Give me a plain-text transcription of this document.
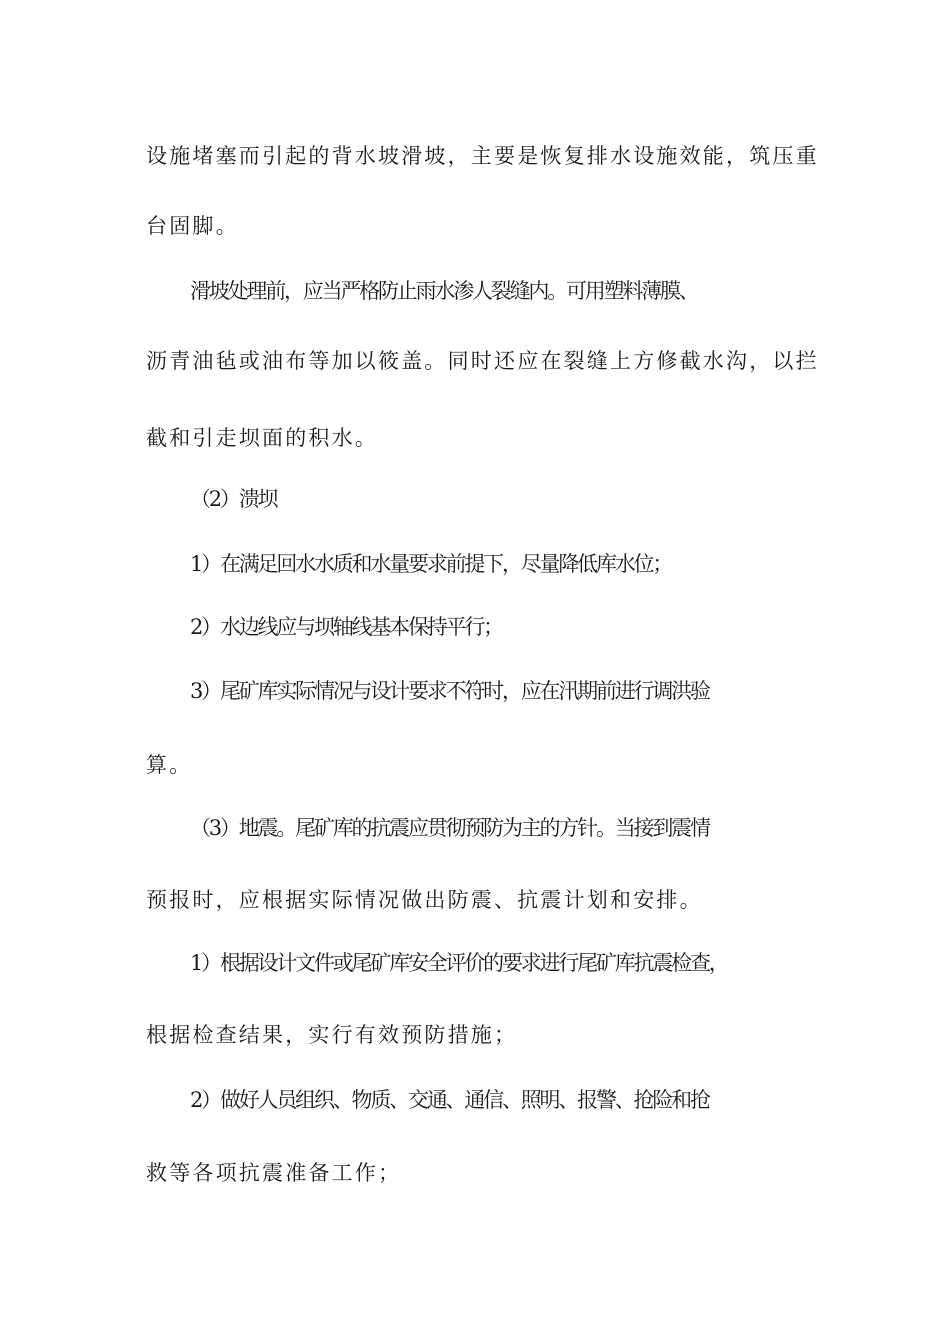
设施堵塞而引起的背水坡滑坡，主要是恢复排水设施效能，筑压重

台固脚。

滑坡处理前，应当严格防止雨水渗人裂缝内。可用塑料薄膜、

沥青油毡或油布等加以筱盖。同时还应在裂缝上方修截水沟，以拦

截和引走坝面的积水。

（2）溃坝

1）在满足回水水质和水量要求前提下，尽量降低库水位；

2）水边线应与坝轴线基本保持平行；

3）尾矿库实际情况与设计要求不符时，应在汛期前进行调洪验

算。

（3）地震。尾矿库的抗震应贯彻预防为主的方针。当接到震情

预报时，应根据实际情况做出防震、抗震计划和安排。

1）根据设计文件或尾矿库安全评价的要求进行尾矿库抗震检查，

根据检查结果，实行有效预防措施；

2）做好人员组织、物质、交通、通信、照明、报警、抢险和抢

救等各项抗震准备工作；
